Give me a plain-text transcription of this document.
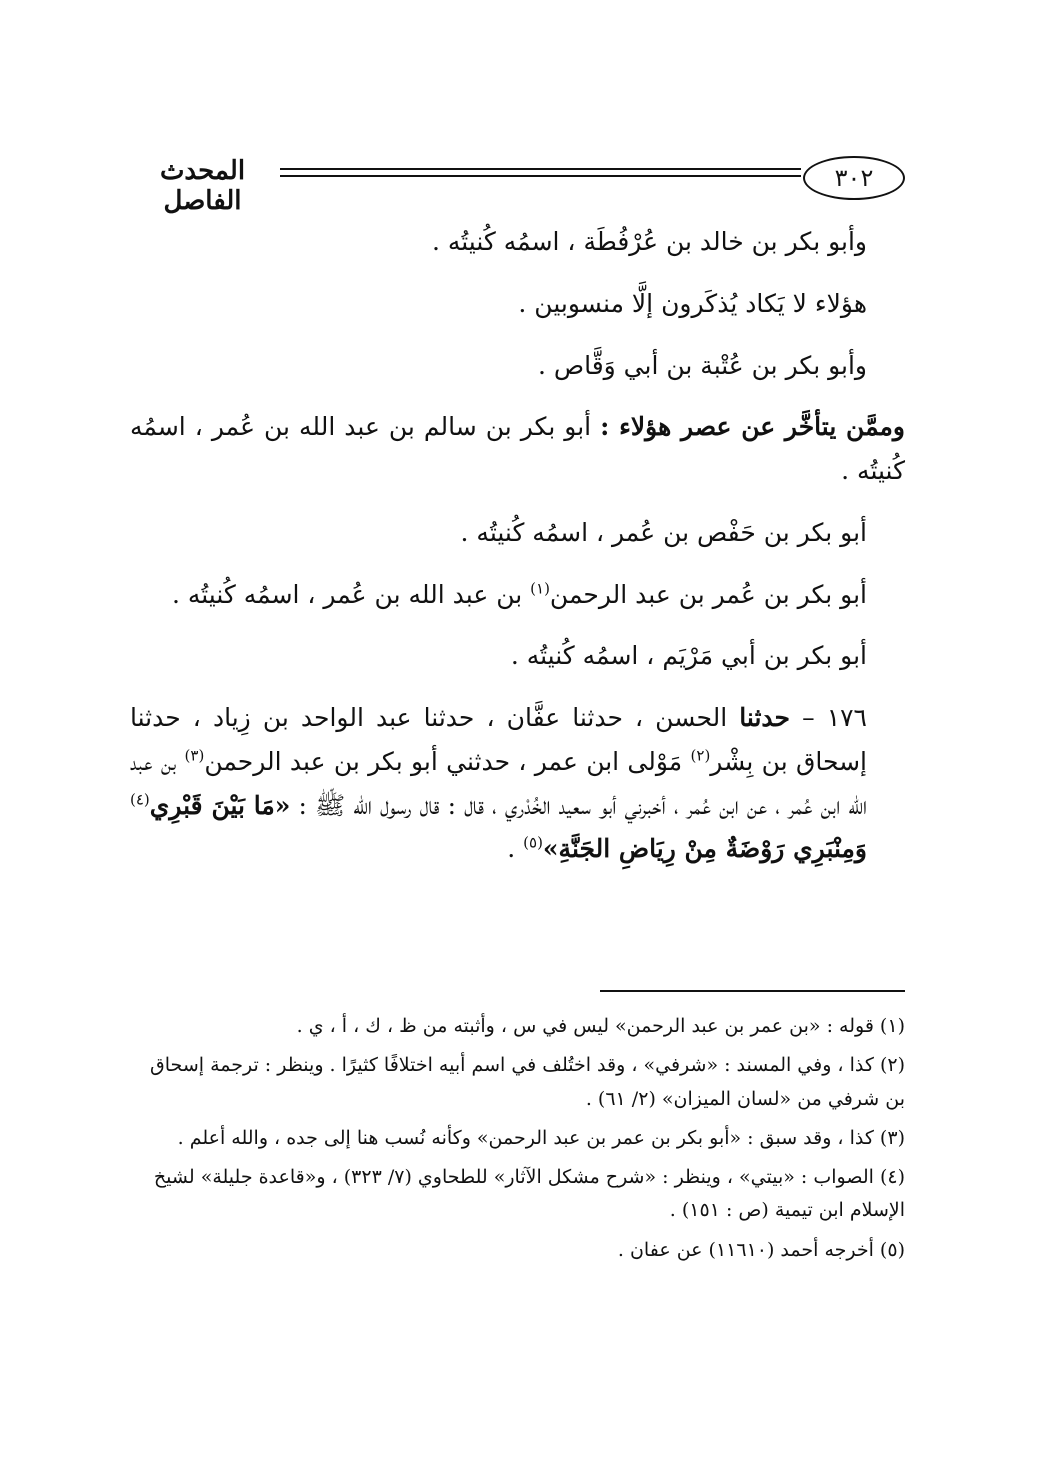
المحدث الفاصل
٣٠٢

وأبو بكر بن خالد بن عُرْفُطَة ، اسمُه كُنيتُه .

هؤلاء لا يَكاد يُذكَرون إلَّا منسوبين .

وأبو بكر بن عُتْبة بن أبي وَقَّاص .

وممَّن يتأخَّر عن عصر هؤلاء : أبو بكر بن سالم بن عبد الله بن عُمر ، اسمُه كُنيتُه .

أبو بكر بن حَفْص بن عُمر ، اسمُه كُنيتُه .

أبو بكر بن عُمر بن عبد الرحمن$^{(١)}$ بن عبد الله بن عُمر ، اسمُه كُنيتُه .

أبو بكر بن أبي مَرْيَم ، اسمُه كُنيتُه .

١٧٦ – حدثنا الحسن ، حدثنا عفَّان ، حدثنا عبد الواحد بن زِياد ، حدثنا إسحاق بن بِشْر$^{(٢)}$ مَوْلى ابن عمر ، حدثني أبو بكر بن عبد الرحمن$^{(٣)}$ بن عبد الله ابن عُمر ، عن ابن عُمر ، أخبرني أبو سعيد الخُدْري ، قال : قال رسول الله ﷺ : «مَا بَيْنَ قَبْرِي$^{(٤)}$ وَمِنْبَرِي رَوْضَةٌ مِنْ رِيَاضِ الجَنَّةِ»$^{(٥)}$ .

(١) قوله : «بن عمر بن عبد الرحمن» ليس في س ، وأثبته من ظ ، ك ، أ ، ي .

(٢) كذا ، وفي المسند : «شرفي» ، وقد اختُلف في اسم أبيه اختلافًا كثيرًا . وينظر : ترجمة إسحاق بن شرفي من «لسان الميزان» (٢/ ٦١) .

(٣) كذا ، وقد سبق : «أبو بكر بن عمر بن عبد الرحمن» وكأنه نُسب هنا إلى جده ، والله أعلم .

(٤) الصواب : «بيتي» ، وينظر : «شرح مشكل الآثار» للطحاوي (٧/ ٣٢٣) ، و«قاعدة جليلة» لشيخ الإسلام ابن تيمية (ص : ١٥١) .

(٥) أخرجه أحمد (١١٦١٠) عن عفان .
